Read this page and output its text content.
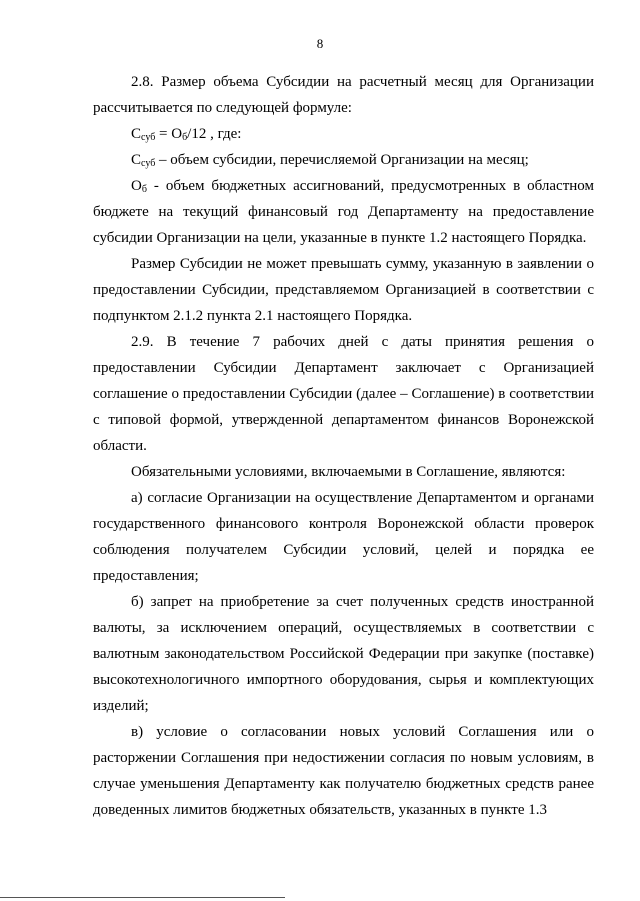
8

2.8. Размер объема Субсидии на расчетный месяц для Организации рассчитывается по следующей формуле:

$С_{суб} = О_б/12$ , где:

$С_{суб}$ – объем субсидии, перечисляемой Организации на месяц;

$О_б$ - объем бюджетных ассигнований, предусмотренных в областном бюджете на текущий финансовый год Департаменту на предоставление субсидии Организации на цели, указанные в пункте 1.2 настоящего Порядка.

Размер Субсидии не может превышать сумму, указанную в заявлении о предоставлении Субсидии, представляемом Организацией в соответствии с подпунктом 2.1.2 пункта 2.1 настоящего Порядка.

2.9. В течение 7 рабочих дней с даты принятия решения о предоставлении Субсидии Департамент заключает с Организацией соглашение о предоставлении Субсидии (далее – Соглашение) в соответствии с типовой формой, утвержденной департаментом финансов Воронежской области.

Обязательными условиями, включаемыми в Соглашение, являются:

а) согласие Организации на осуществление Департаментом и органами государственного финансового контроля Воронежской области проверок соблюдения получателем Субсидии условий, целей и порядка ее предоставления;

б) запрет на приобретение за счет полученных средств иностранной валюты, за исключением операций, осуществляемых в соответствии с валютным законодательством Российской Федерации при закупке (поставке) высокотехнологичного импортного оборудования, сырья и комплектующих изделий;

в) условие о согласовании новых условий Соглашения или о расторжении Соглашения при недостижении согласия по новым условиям, в случае уменьшения Департаменту как получателю бюджетных средств ранее доведенных лимитов бюджетных обязательств, указанных в пункте 1.3
